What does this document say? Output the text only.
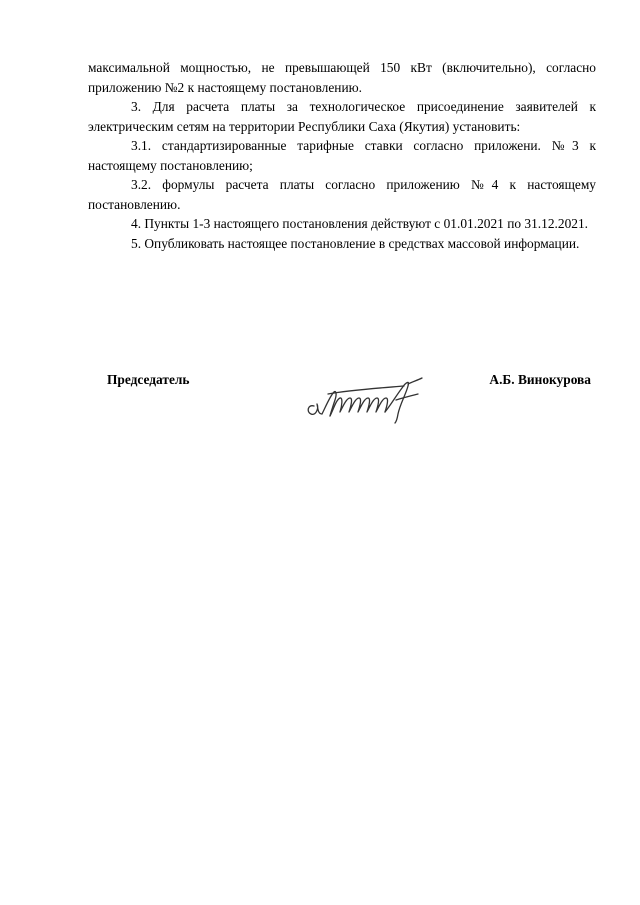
максимальной мощностью, не превышающей 150 кВт (включительно), согласно приложению №2 к настоящему постановлению.

3. Для расчета платы за технологическое присоединение заявителей к электрическим сетям на территории Республики Саха (Якутия) установить:

3.1. стандартизированные тарифные ставки согласно приложени. №3 к настоящему постановлению;

3.2. формулы расчета платы согласно приложению №4 к настоящему постановлению.

4. Пункты 1-3 настоящего постановления действуют с 01.01.2021 по 31.12.2021.

5. Опубликовать настоящее постановление в средствах массовой информации.

Председатель	А.Б. Винокурова
